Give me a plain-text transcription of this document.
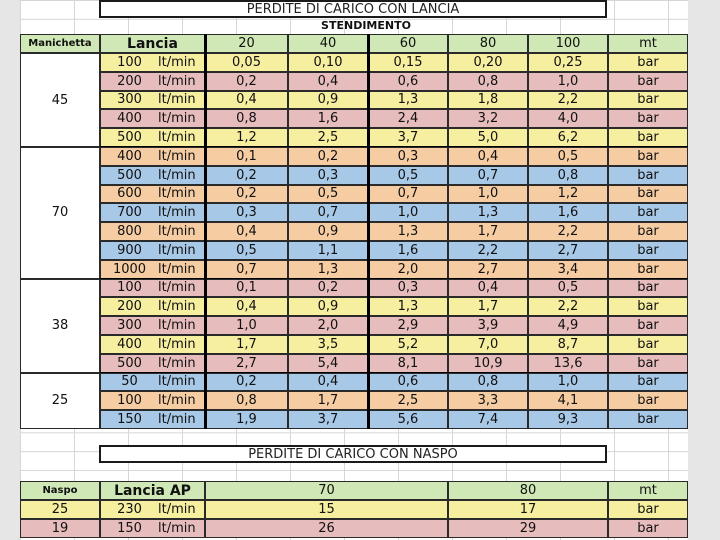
PERDITE DI CARICO CON LANCIA
STENDIMENTO
Manichetta	Lancia	20	40	60	80	100	mt
45
100	lt/min	0,05	0,10	0,15	0,20	0,25	bar
200	lt/min	0,2	0,4	0,6	0,8	1,0	bar
300	lt/min	0,4	0,9	1,3	1,8	2,2	bar
400	lt/min	0,8	1,6	2,4	3,2	4,0	bar
500	lt/min	1,2	2,5	3,7	5,0	6,2	bar
70
400	lt/min	0,1	0,2	0,3	0,4	0,5	bar
500	lt/min	0,2	0,3	0,5	0,7	0,8	bar
600	lt/min	0,2	0,5	0,7	1,0	1,2	bar
700	lt/min	0,3	0,7	1,0	1,3	1,6	bar
800	lt/min	0,4	0,9	1,3	1,7	2,2	bar
900	lt/min	0,5	1,1	1,6	2,2	2,7	bar
1000 lt/min	0,7	1,3	2,0	2,7	3,4	bar
38
100	lt/min	0,1	0,2	0,3	0,4	0,5	bar
200	lt/min	0,4	0,9	1,3	1,7	2,2	bar
300	lt/min	1,0	2,0	2,9	3,9	4,9	bar
400	lt/min	1,7	3,5	5,2	7,0	8,7	bar
500	lt/min	2,7	5,4	8,1	10,9	13,6	bar
25
50	lt/min	0,2	0,4	0,6	0,8	1,0	bar
100	lt/min	0,8	1,7	2,5	3,3	4,1	bar
150	lt/min	1,9	3,7	5,6	7,4	9,3	bar
PERDITE DI CARICO CON NASPO
Naspo	Lancia AP	70	80	mt
25	230	lt/min	15	17	bar
19	150	lt/min	26	29	bar
